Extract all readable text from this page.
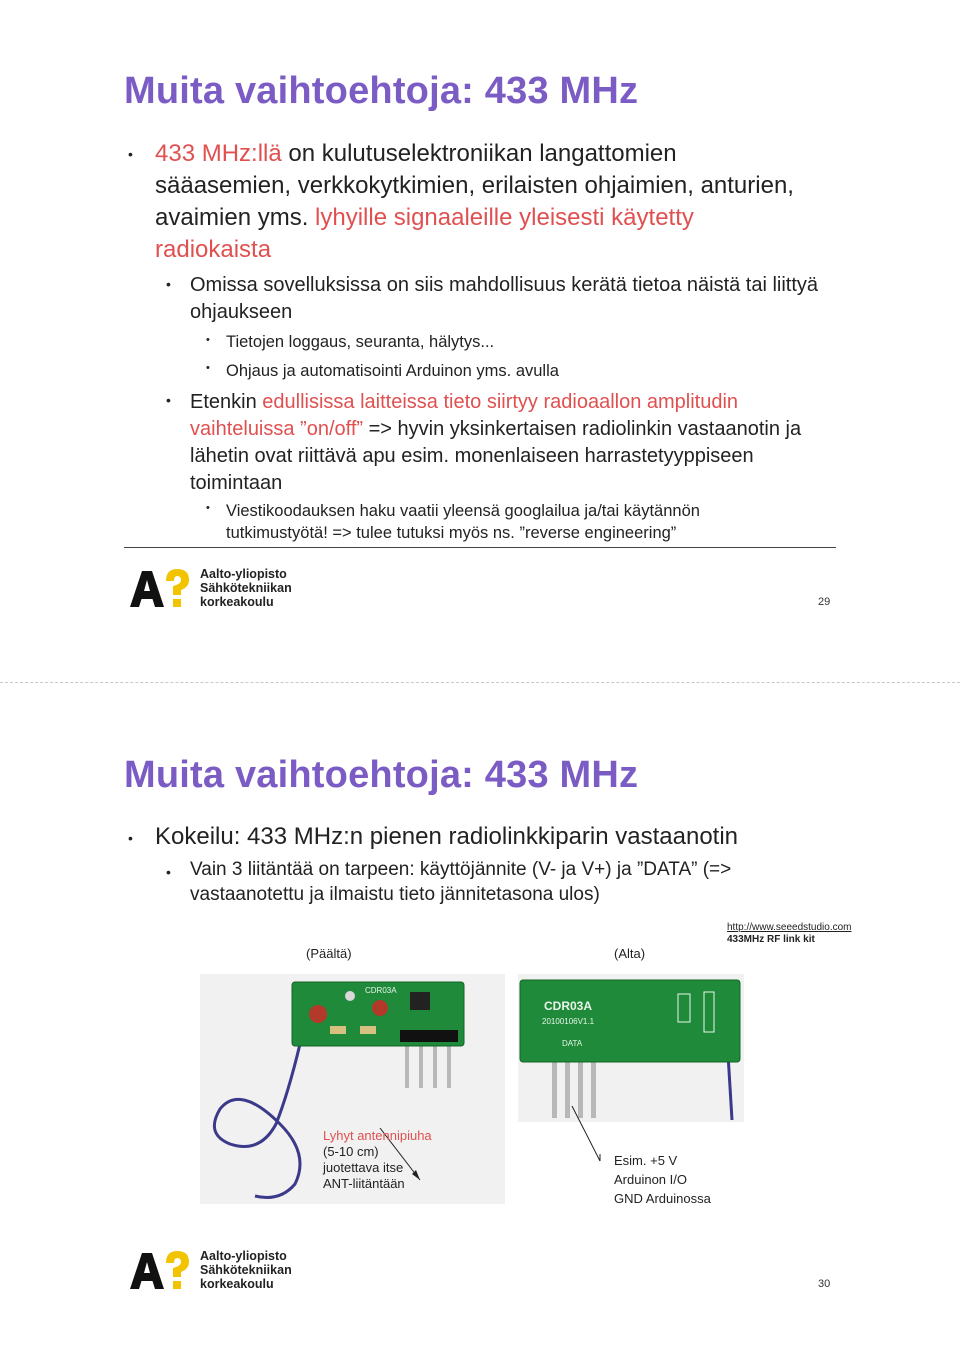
Muita vaihtoehtoja: 433 MHz
• 433 MHz:llä on kulutuselektroniikan langattomien sääasemien, verkkokytkimien, erilaisten ohjaimien, anturien, avaimien yms. lyhyille signaaleille yleisesti käytetty radiokaista
• Omissa sovelluksissa on siis mahdollisuus kerätä tietoa näistä tai liittyä ohjaukseen
• Tietojen loggaus, seuranta, hälytys...
• Ohjaus ja automatisointi Arduinon yms. avulla
• Etenkin edullisissa laitteissa tieto siirtyy radioaallon amplitudin vaihteluissa ”on/off” => hyvin yksinkertaisen radiolinkin vastaanotin ja lähetin ovat riittävä apu esim. monenlaiseen harrastetyyppiseen toimintaan
• Viestikoodauksen haku vaatii yleensä googlailua ja/tai käytännön tutkimustyötä! => tulee tutuksi myös ns. ”reverse engineering”
Aalto-yliopisto
Sähkötekniikan
korkeakoulu	29
Muita vaihtoehtoja: 433 MHz
• Kokeilu: 433 MHz:n pienen radiolinkkiparin vastaanotin
• Vain 3 liitäntää on tarpeen: käyttöjännite (V- ja V+) ja ”DATA” (=> vastaanotettu ja ilmaistu tieto jännitetasona ulos)
http://www.seeedstudio.com
433MHz RF link kit
(Päältä)	(Alta)
CDR03A
CDR03A
20100106V1.1
DATA
Lyhyt antennipiuha
(5-10 cm)
juotettava itse
ANT-liitäntään
Esim. +5 V
Arduinon I/O
GND Arduinossa
Aalto-yliopisto
Sähkötekniikan
korkeakoulu	30
